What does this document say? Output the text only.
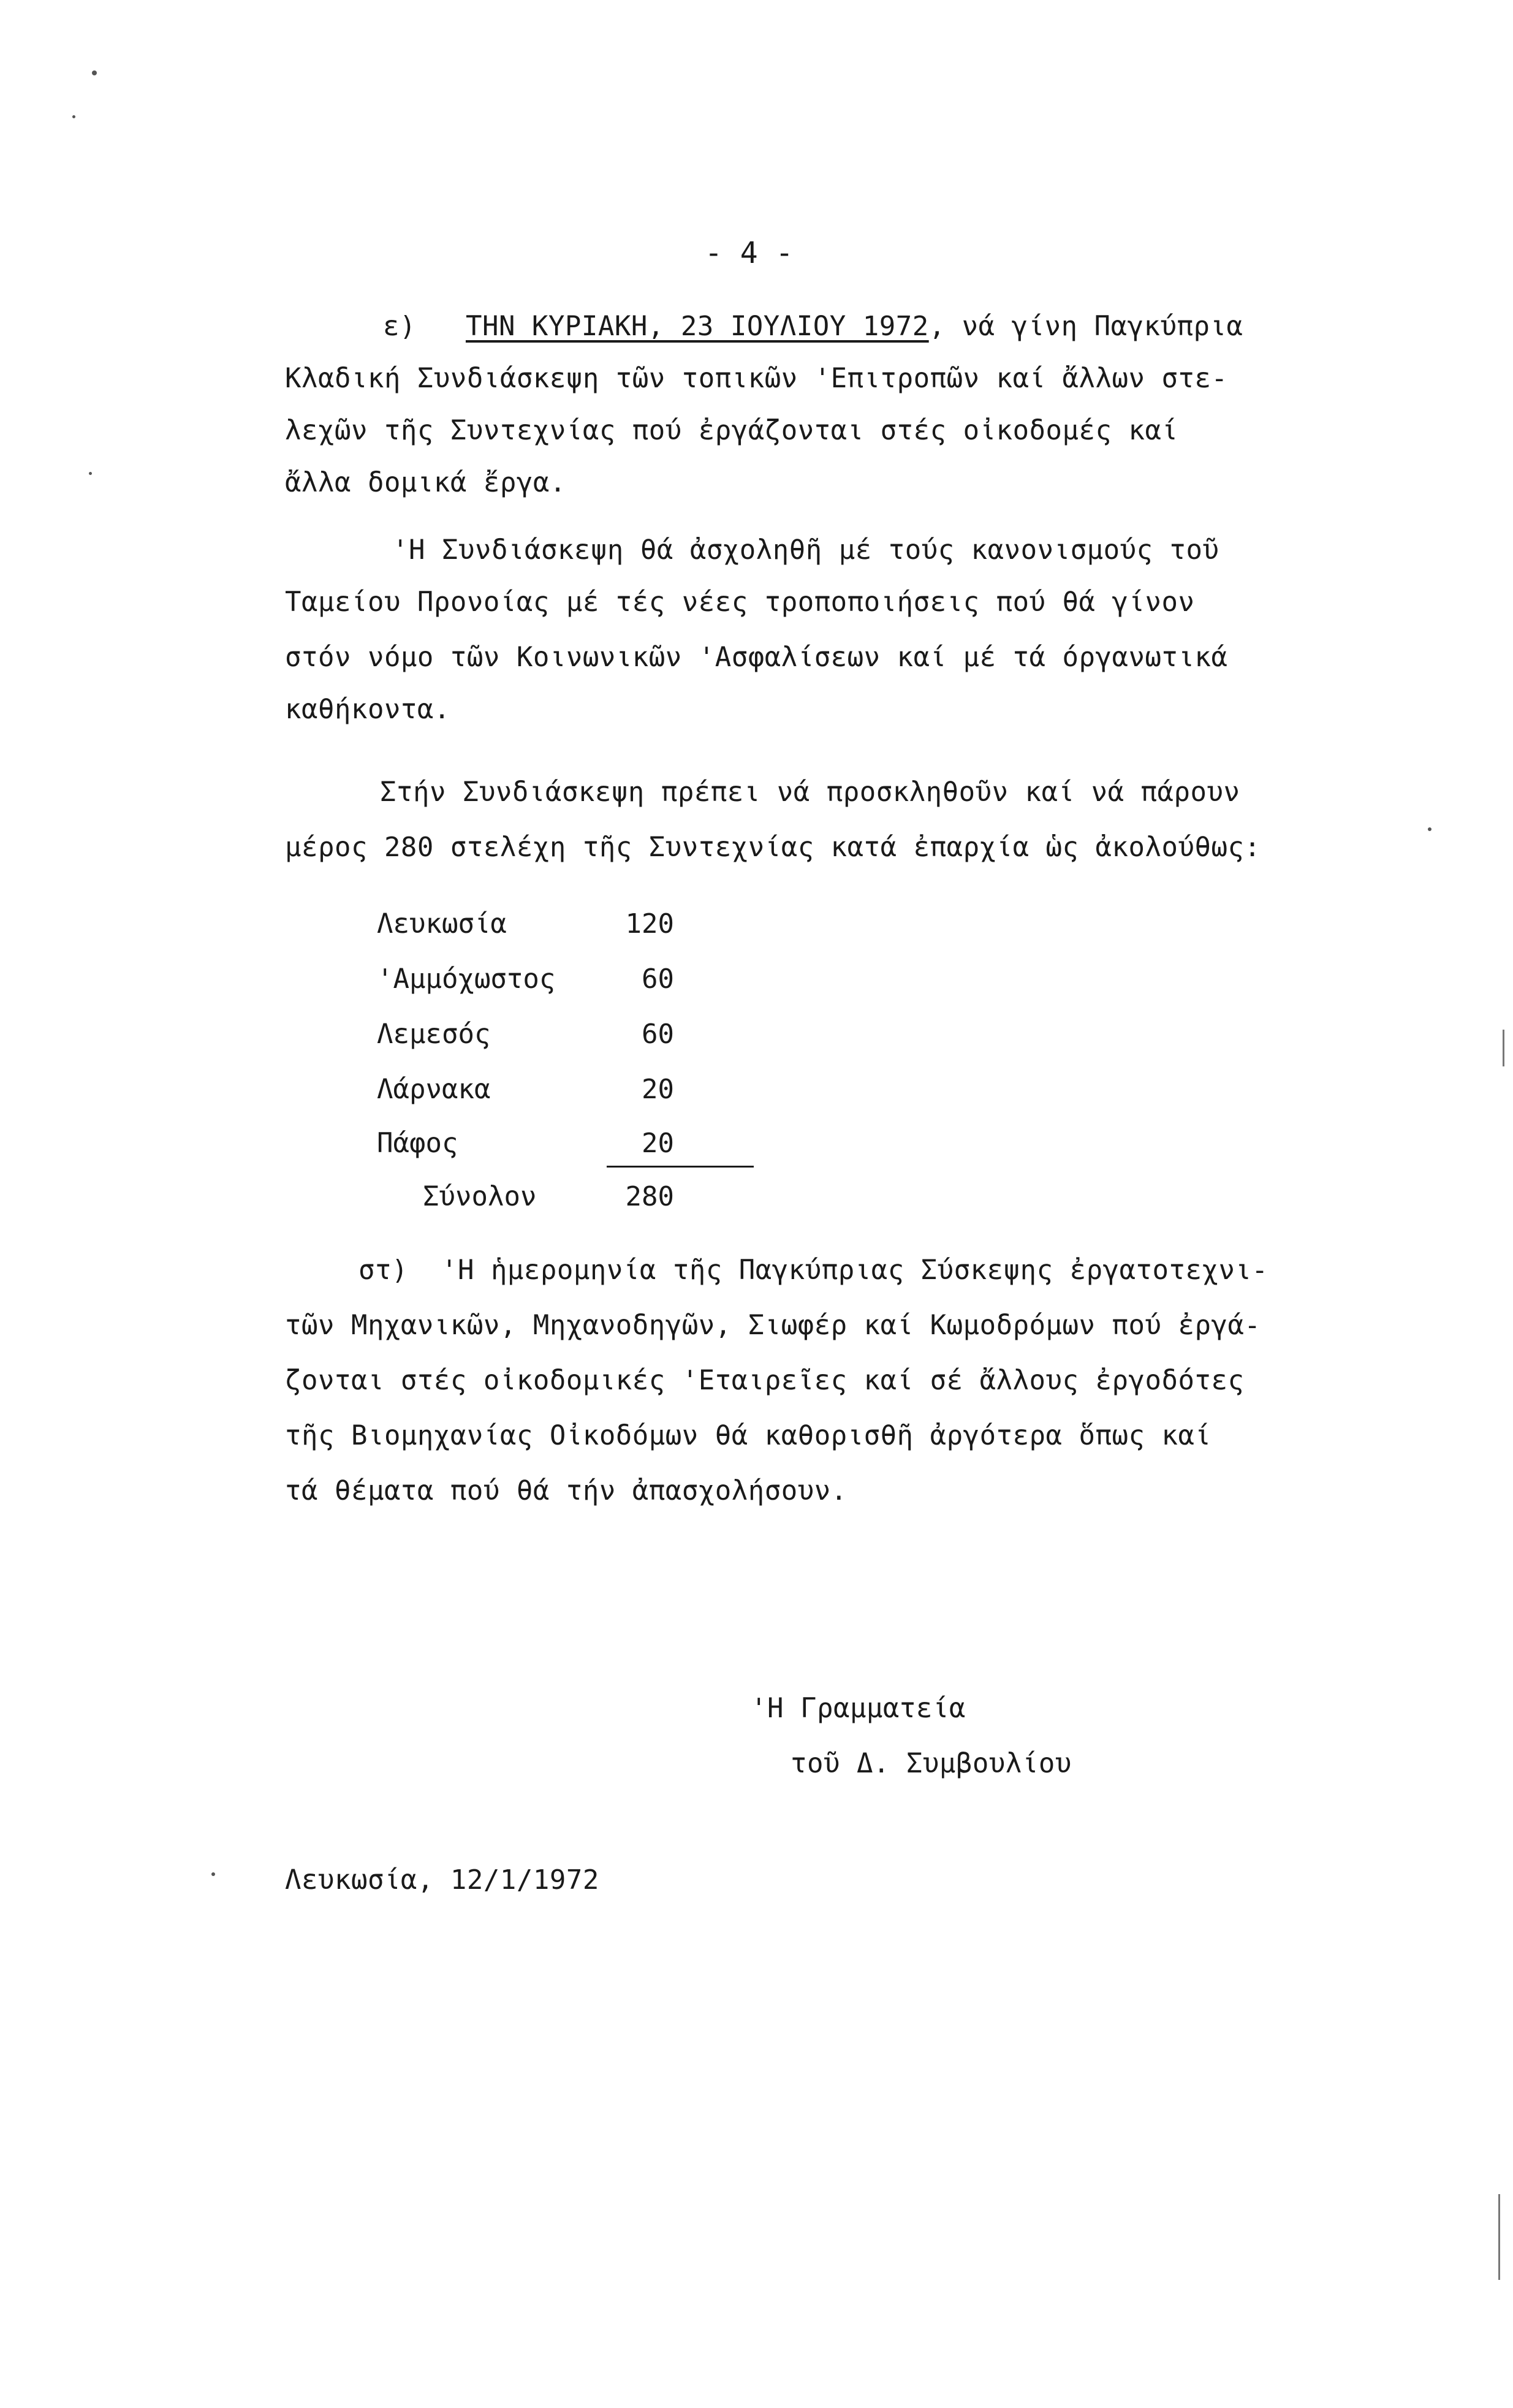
- 4 -
ε) ΤΗΝ ΚΥΡΙΑΚΗ, 23 ΙΟΥΛΙΟΥ 1972, νά γίνη Παγκύπρια
Κλαδική Συνδιάσκεψη τῶν τοπικῶν 'Επιτροπῶν καί ἄλλων στε-
λεχῶν τῆς Συντεχνίας πού ἐργάζονται στές οἰκοδομές καί
ἄλλα δομικά ἔργα.
'Η Συνδιάσκεψη θά ἀσχοληθῆ μέ τούς κανονισμούς τοῦ
Ταμείου Προνοίας μέ τές νέες τροποποιήσεις πού θά γίνον
στόν νόμο τῶν Κοινωνικῶν 'Ασφαλίσεων καί μέ τά όργανωτικά
καθήκοντα.
Στήν Συνδιάσκεψη πρέπει νά προσκληθοῦν καί νά πάρουν
μέρος 280 στελέχη τῆς Συντεχνίας κατά ἐπαρχία ὡς ἀκολούθως:
Λευκωσία	120
'Αμμόχωστος	60
Λεμεσός	60
Λάρνακα	20
Πάφος	20
Σύνολον	280
στ) 'Η ἡμερομηνία τῆς Παγκύπριας Σύσκεψης ἐργατοτεχνι-
τῶν Μηχανικῶν, Μηχανοδηγῶν, Σιωφέρ καί Κωμοδρόμων πού ἐργά-
ζονται στές οἰκοδομικές 'Εταιρεῖες καί σέ ἄλλους ἐργοδότες
τῆς Βιομηχανίας Οἰκοδόμων θά καθορισθῆ ἀργότερα ὅπως καί
τά θέματα πού θά τήν ἀπασχολήσουν.
'Η Γραμματεία
τοῦ Δ. Συμβουλίου
Λευκωσία, 12/1/1972
